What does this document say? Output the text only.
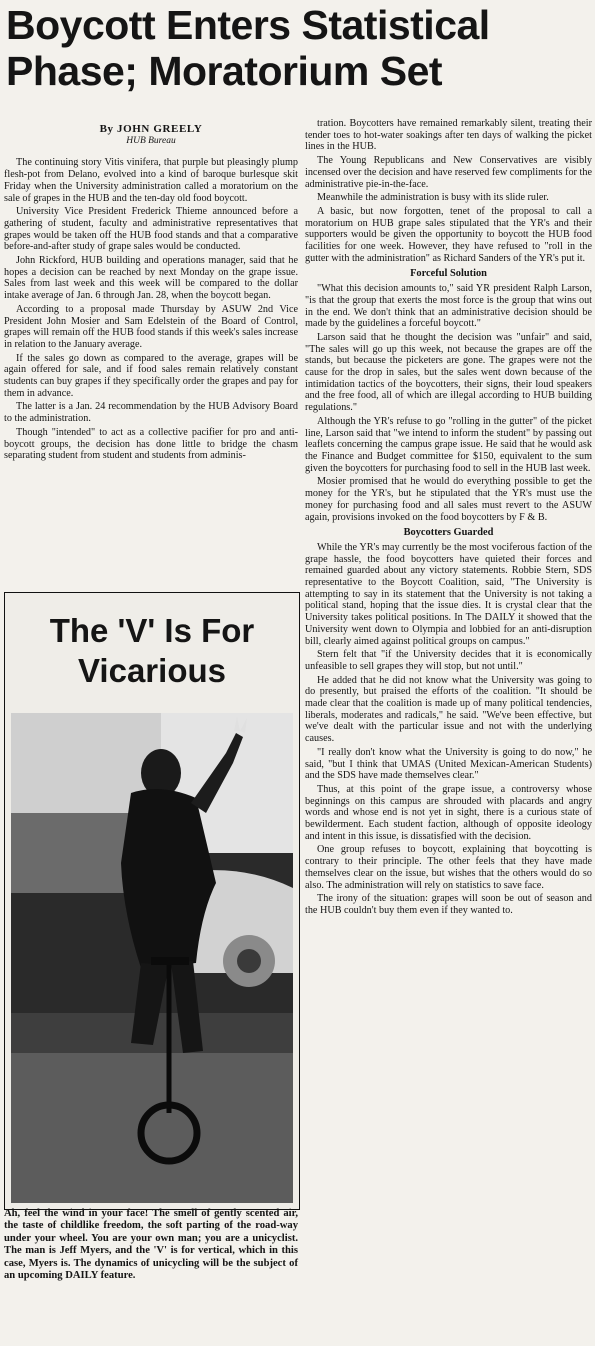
Boycott Enters Statistical
Phase; Moratorium Set
By JOHN GREELY
HUB Bureau

The continuing story Vitis vinifera, that purple but pleasingly plump flesh-pot from Delano, evolved into a kind of baroque burlesque skit Friday when the University administration called a moratorium on the sale of grapes in the HUB and the ten-day old food boycott.

University Vice President Frederick Thieme announced before a gathering of student, faculty and administrative representatives that grapes would be taken off the HUB food stands and that a comparative before-and-after study of grape sales would be conducted.

John Rickford, HUB building and operations manager, said that he hopes a decision can be reached by next Monday on the grape issue. Sales from last week and this week will be compared to the dollar intake average of Jan. 6 through Jan. 28, when the boycott began.

According to a proposal made Thursday by ASUW 2nd Vice President John Mosier and Sam Edelstein of the Board of Control, grapes will remain off the HUB food stands if this week's sales increase in relation to the January average.

If the sales go down as compared to the average, grapes will be again offered for sale, and if food sales remain relatively constant students can buy grapes if they specifically order the grapes and pay for them in advance.

The latter is a Jan. 24 recommendation by the HUB Advisory Board to the administration.

Though "intended" to act as a collective pacifier for pro and anti-boycott groups, the decision has done little to bridge the chasm separating student from student and students from adminis-

The 'V' Is For
Vicarious
Ah, feel the wind in your face! The smell of gently scented air, the taste of childlike freedom, the soft parting of the road-way under your wheel. You are your own man; you are a unicyclist. The man is Jeff Myers, and the 'V' is for vertical, which in this case, Myers is. The dynamics of unicycling will be the subject of an upcoming DAILY feature.

tration. Boycotters have remained remarkably silent, treating their tender toes to hot-water soakings after ten days of walking the picket lines in the HUB.

The Young Republicans and New Conservatives are visibly incensed over the decision and have reserved few compliments for the administrative pie-in-the-face.

Meanwhile the administration is busy with its slide ruler.

A basic, but now forgotten, tenet of the proposal to call a moratorium on HUB grape sales stipulated that the YR's and their supporters would be given the opportunity to boycott the HUB food facilities for one week. However, they have refused to "roll in the gutter with the administration" as Richard Sanders of the YR's put it.

Forceful Solution

"What this decision amounts to," said YR president Ralph Larson, "is that the group that exerts the most force is the group that wins out in the end. We don't think that an administrative decision should be made by the guidelines a forceful boycott."

Larson said that he thought the decision was "unfair" and said, "The sales will go up this week, not because the grapes are off the stands, but because the picketers are gone. The grapes were not the cause for the drop in sales, but the sales went down because of the intimidation tactics of the boycotters, their signs, their loud speakers and the free food, all of which are illegal according to HUB building regulations."

Although the YR's refuse to go "rolling in the gutter" of the picket line, Larson said that "we intend to inform the student" by passing out leaflets concerning the campus grape issue. He said that he would ask the Finance and Budget committee for $150, equivalent to the sum given the boycotters for purchasing food to sell in the HUB last week.

Mosier promised that he would do everything possible to get the money for the YR's, but he stipulated that the YR's must use the money for purchasing food and all sales must revert to the ASUW again, provisions invoked on the food boycotters by F & B.

Boycotters Guarded

While the YR's may currently be the most vociferous faction of the grape hassle, the food boycotters have quieted their forces and remained guarded about any victory statements. Robbie Stern, SDS representative to the Boycott Coalition, said, "The University is attempting to say in its statement that the University is not taking a political stand, hoping that the issue dies. It is crystal clear that the University takes political positions. In The DAILY it showed that the University went down to Olympia and lobbied for an anti-disruption bill, clearly aimed against political groups on campus."

Stern felt that "if the University decides that it is economically unfeasible to sell grapes they will stop, but not until."

He added that he did not know what the University was going to do presently, but praised the efforts of the coalition. "It should be made clear that the coalition is made up of many political tendencies, liberals, moderates and radicals," he said. "We've been effective, but we've dealt with the particular issue and not with the underlying causes.

"I really don't know what the University is going to do now," he said, "but I think that UMAS (United Mexican-American Students) and the SDS have made themselves clear."

Thus, at this point of the grape issue, a controversy whose beginnings on this campus are shrouded with placards and angry words and whose end is not yet in sight, there is a curious state of bewilderment. Each student faction, although of opposite ideology and intent in this issue, is dissatisfied with the decision.

One group refuses to boycott, explaining that boycotting is contrary to their principle. The other feels that they have made themselves clear on the issue, but wishes that the others would do so also. The administration will rely on statistics to save face.

The irony of the situation: grapes will soon be out of season and the HUB couldn't buy them even if they wanted to.
